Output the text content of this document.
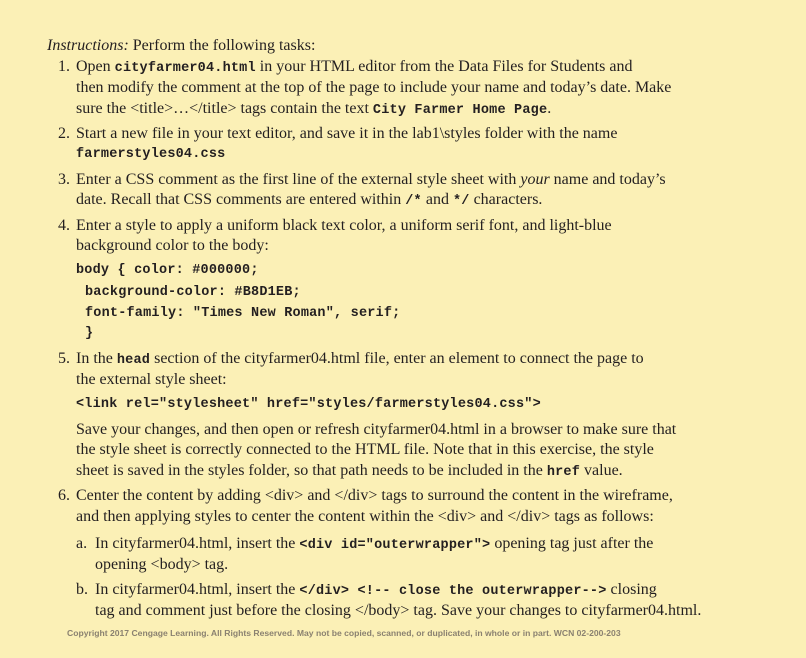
Instructions: Perform the following tasks:
1. Open cityfarmer04.html in your HTML editor from the Data Files for Students and
then modify the comment at the top of the page to include your name and today’s date. Make
sure the <title>…</title> tags contain the text City Farmer Home Page.
2. Start a new file in your text editor, and save it in the lab1\styles folder with the name
farmerstyles04.css
3. Enter a CSS comment as the first line of the external style sheet with your name and today’s
date. Recall that CSS comments are entered within /* and */ characters.
4. Enter a style to apply a uniform black text color, a uniform serif font, and light-blue
background color to the body:
body { color: #000000;
background-color: #B8D1EB;
font-family: "Times New Roman", serif;
}
5. In the head section of the cityfarmer04.html file, enter an element to connect the page to
the external style sheet:
<link rel="stylesheet" href="styles/farmerstyles04.css">
Save your changes, and then open or refresh cityfarmer04.html in a browser to make sure that
the style sheet is correctly connected to the HTML file. Note that in this exercise, the style
sheet is saved in the styles folder, so that path needs to be included in the href value.
6. Center the content by adding <div> and </div> tags to surround the content in the wireframe,
and then applying styles to center the content within the <div> and </div> tags as follows:
a. In cityfarmer04.html, insert the <div id="outerwrapper"> opening tag just after the
opening <body> tag.
b. In cityfarmer04.html, insert the </div> <!-- close the outerwrapper--> closing
tag and comment just before the closing </body> tag. Save your changes to cityfarmer04.html.
Copyright 2017 Cengage Learning. All Rights Reserved. May not be copied, scanned, or duplicated, in whole or in part. WCN 02-200-203
